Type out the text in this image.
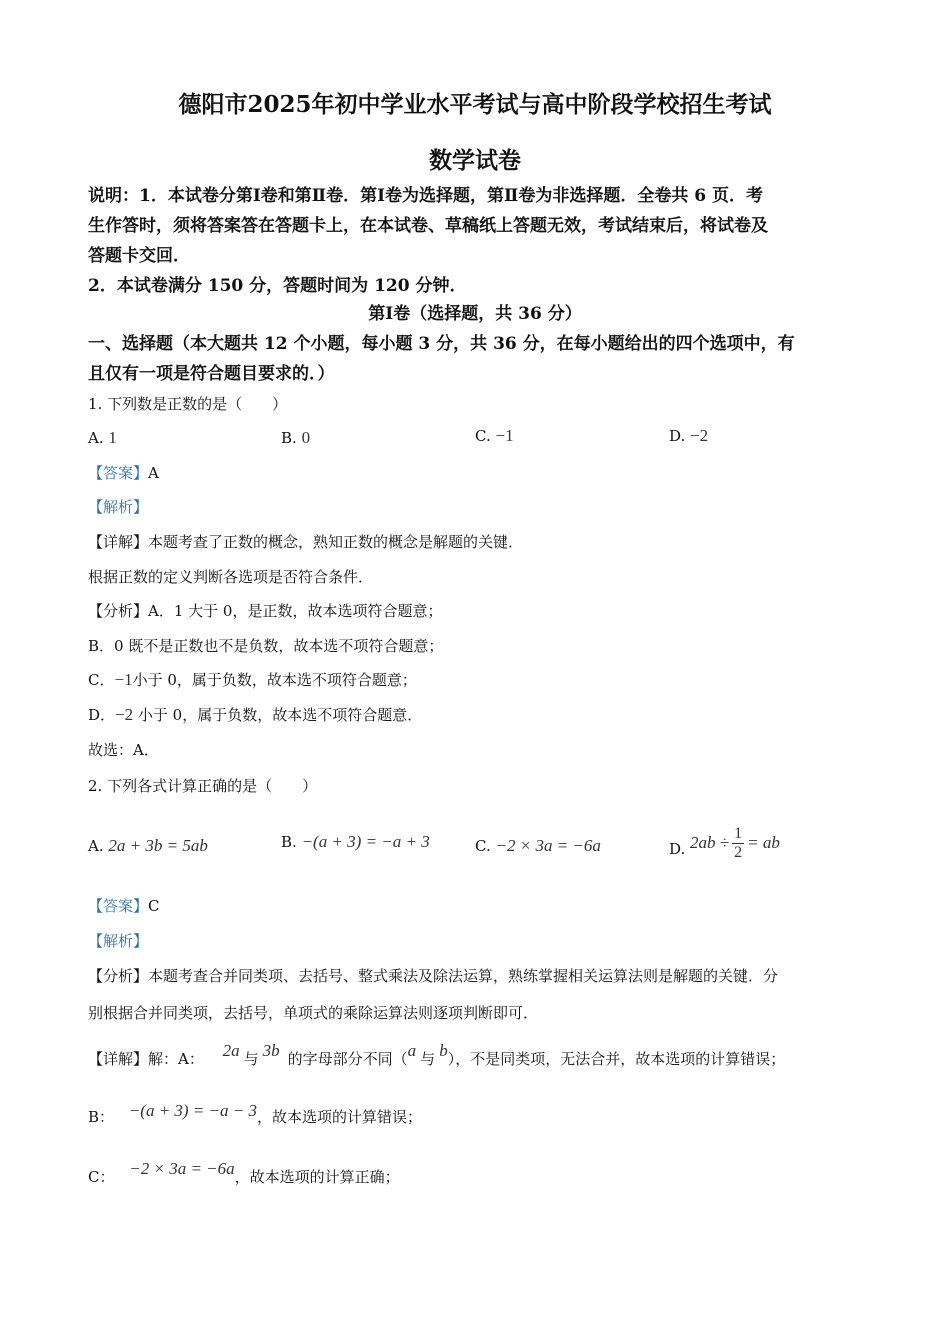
德阳市2025年初中学业水平考试与高中阶段学校招生考试
数学试卷
说明：1．本试卷分第Ⅰ卷和第Ⅱ卷．第Ⅰ卷为选择题，第Ⅱ卷为非选择题．全卷共 6 页．考
生作答时，须将答案答在答题卡上，在本试卷、草稿纸上答题无效，考试结束后，将试卷及
答题卡交回．
2．本试卷满分 150 分，答题时间为 120 分钟．
第Ⅰ卷（选择题，共 36 分）
一、选择题（本大题共 12 个小题，每小题 3 分，共 36 分，在每小题给出的四个选项中，有
且仅有一项是符合题目要求的．）
1. 下列数是正数的是（　　）
A. 1	B. 0	C. −1	D. −2
【答案】A
【解析】
【详解】本题考查了正数的概念，熟知正数的概念是解题的关键．
根据正数的定义判断各选项是否符合条件．
【分析】A．1 大于 0，是正数，故本选项符合题意；
B．0 既不是正数也不是负数，故本选不项符合题意；
C．−1小于 0，属于负数，故本选不项符合题意；
D．−2 小于 0，属于负数，故本选不项符合题意．
故选：A．
2. 下列各式计算正确的是（　　）
A. 2a + 3b = 5ab	B. −(a + 3) = −a + 3	C. −2 × 3a = −6a	D. $2ab \div \frac{1}{2}$ = ab
【答案】C
【解析】
【分析】本题考查合并同类项、去括号、整式乘法及除法运算，熟练掌握相关运算法则是解题的关键．分
别根据合并同类项，去括号，单项式的乘除运算法则逐项判断即可．
【详解】解：A： 2a 与 3b 的字母部分不同（a 与 b），不是同类项，无法合并，故本选项的计算错误；
B： −(a + 3) = −a − 3，故本选项的计算错误；
C： −2 × 3a = −6a，故本选项的计算正确；
